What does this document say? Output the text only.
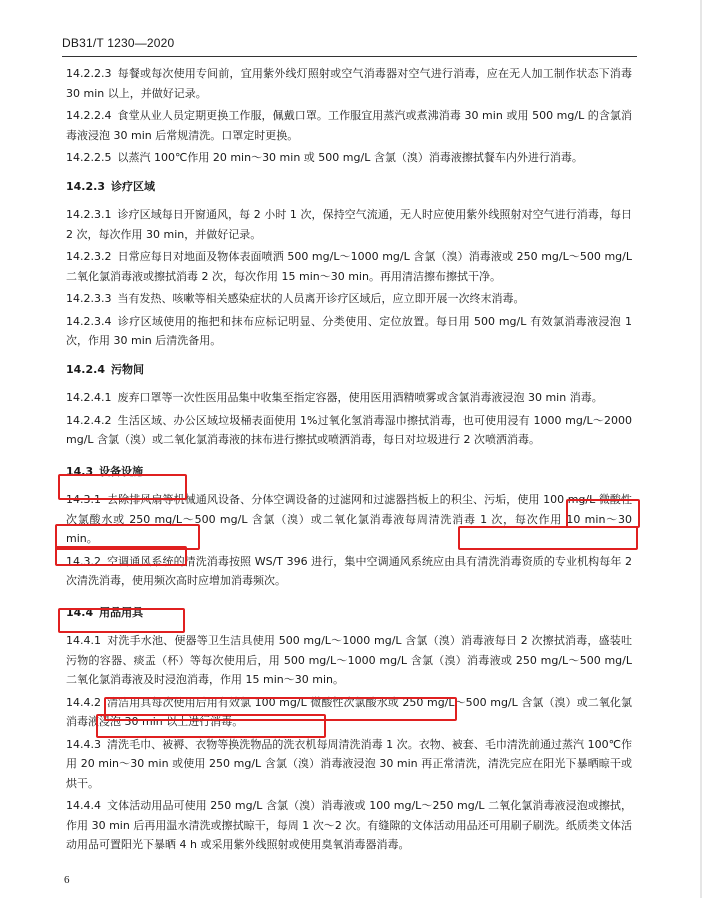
DB31/T 1230—2020
14.2.2.3 每餐或每次使用专间前，宜用紫外线灯照射或空气消毒器对空气进行消毒，应在无人加工制作状态下消毒 30 min 以上，并做好记录。
14.2.2.4 食堂从业人员定期更换工作服，佩戴口罩。工作服宜用蒸汽或煮沸消毒 30 min 或用 500 mg/L 的含氯消毒液浸泡 30 min 后常规清洗。口罩定时更换。
14.2.2.5 以蒸汽 100℃作用 20 min～30 min 或 500 mg/L 含氯（溴）消毒液擦拭餐车内外进行消毒。
14.2.3 诊疗区域
14.2.3.1 诊疗区域每日开窗通风，每 2 小时 1 次，保持空气流通，无人时应使用紫外线照射对空气进行消毒，每日 2 次，每次作用 30 min，并做好记录。
14.2.3.2 日常应每日对地面及物体表面喷洒 500 mg/L～1000 mg/L 含氯（溴）消毒液或 250 mg/L～500 mg/L 二氧化氯消毒液或擦拭消毒 2 次，每次作用 15 min～30 min。再用清洁擦布擦拭干净。
14.2.3.3 当有发热、咳嗽等相关感染症状的人员离开诊疗区域后，应立即开展一次终末消毒。
14.2.3.4 诊疗区域使用的拖把和抹布应标记明显、分类使用、定位放置。每日用 500 mg/L 有效氯消毒液浸泡 1 次，作用 30 min 后清洗备用。
14.2.4 污物间
14.2.4.1 废弃口罩等一次性医用品集中收集至指定容器，使用医用酒精喷雾或含氯消毒液浸泡 30 min 消毒。
14.2.4.2 生活区域、办公区域垃圾桶表面使用 1%过氧化氢消毒湿巾擦拭消毒，也可使用浸有 1000 mg/L～2000 mg/L 含氯（溴）或二氧化氯消毒液的抹布进行擦拭或喷洒消毒，每日对垃圾进行 2 次喷洒消毒。
14.3 设备设施
14.3.1 去除排风扇等机械通风设备、分体空调设备的过滤网和过滤器挡板上的积尘、污垢，使用 100 mg/L 微酸性次氯酸水或 250 mg/L～500 mg/L 含氯（溴）或二氧化氯消毒液每周清洗消毒 1 次，每次作用 10 min～30 min。
14.3.2 空调通风系统的清洗消毒按照 WS/T 396 进行，集中空调通风系统应由具有清洗消毒资质的专业机构每年 2 次清洗消毒，使用频次高时应增加消毒频次。
14.4 用品用具
14.4.1 对洗手水池、便器等卫生洁具使用 500 mg/L～1000 mg/L 含氯（溴）消毒液每日 2 次擦拭消毒，盛装吐污物的容器、痰盂（杯）等每次使用后，用 500 mg/L～1000 mg/L 含氯（溴）消毒液或 250 mg/L～500 mg/L 二氧化氯消毒液及时浸泡消毒，作用 15 min～30 min。
14.4.2 清洁用具每次使用后用有效氯 100 mg/L 微酸性次氯酸水或 250 mg/L～500 mg/L 含氯（溴）或二氧化氯消毒液浸泡 30 min 以上进行消毒。
14.4.3 清洗毛巾、被褥、衣物等换洗物品的洗衣机每周清洗消毒 1 次。衣物、被套、毛巾清洗前通过蒸汽 100℃作用 20 min～30 min 或使用 250 mg/L 含氯（溴）消毒液浸泡 30 min 再正常清洗，清洗完应在阳光下暴晒晾干或烘干。
14.4.4 文体活动用品可使用 250 mg/L 含氯（溴）消毒液或 100 mg/L～250 mg/L 二氧化氯消毒液浸泡或擦拭，作用 30 min 后再用温水清洗或擦拭晾干，每周 1 次～2 次。有缝隙的文体活动用品还可用刷子刷洗。纸质类文体活动用品可置阳光下暴晒 4 h 或采用紫外线照射或使用臭氧消毒器消毒。
6
